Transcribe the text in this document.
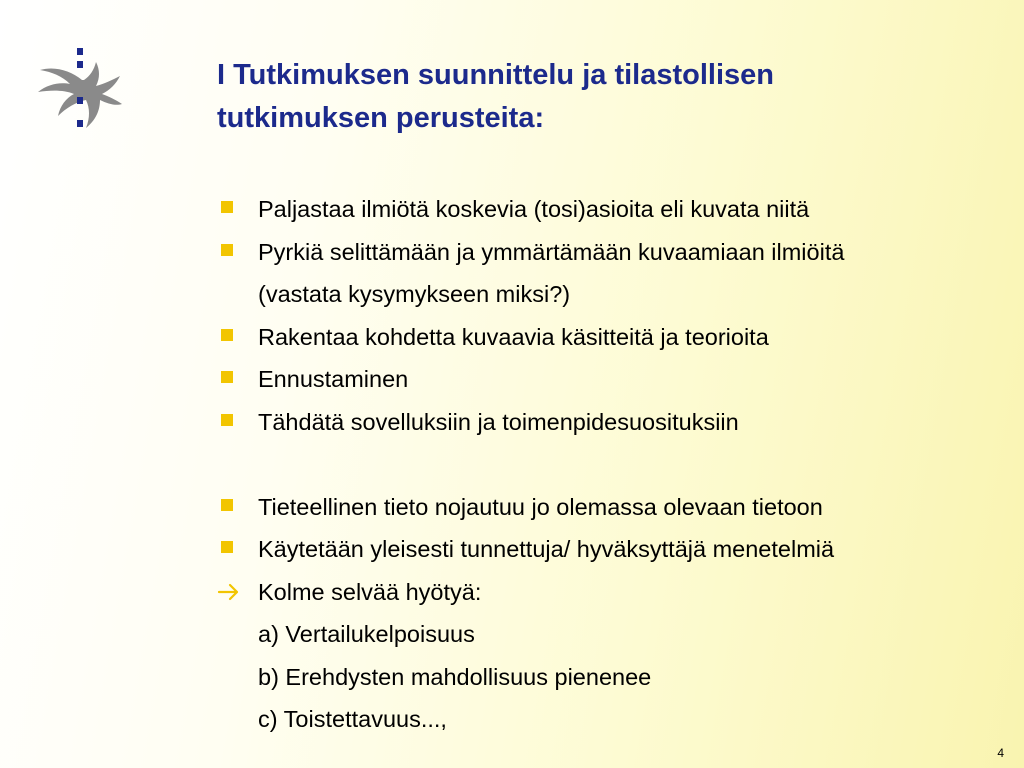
I Tutkimuksen suunnittelu ja tilastollisen
tutkimuksen perusteita:
Paljastaa ilmiötä koskevia (tosi)asioita eli kuvata niitä
Pyrkiä selittämään ja ymmärtämään kuvaamiaan ilmiöitä
(vastata kysymykseen miksi?)
Rakentaa kohdetta kuvaavia käsitteitä ja teorioita
Ennustaminen
Tähdätä sovelluksiin ja toimenpidesuosituksiin
Tieteellinen tieto nojautuu jo olemassa olevaan tietoon
Käytetään yleisesti tunnettuja/ hyväksyttäjä menetelmiä
Kolme selvää hyötyä:
a) Vertailukelpoisuus
b) Erehdysten mahdollisuus pienenee
c) Toistettavuus...,
4
